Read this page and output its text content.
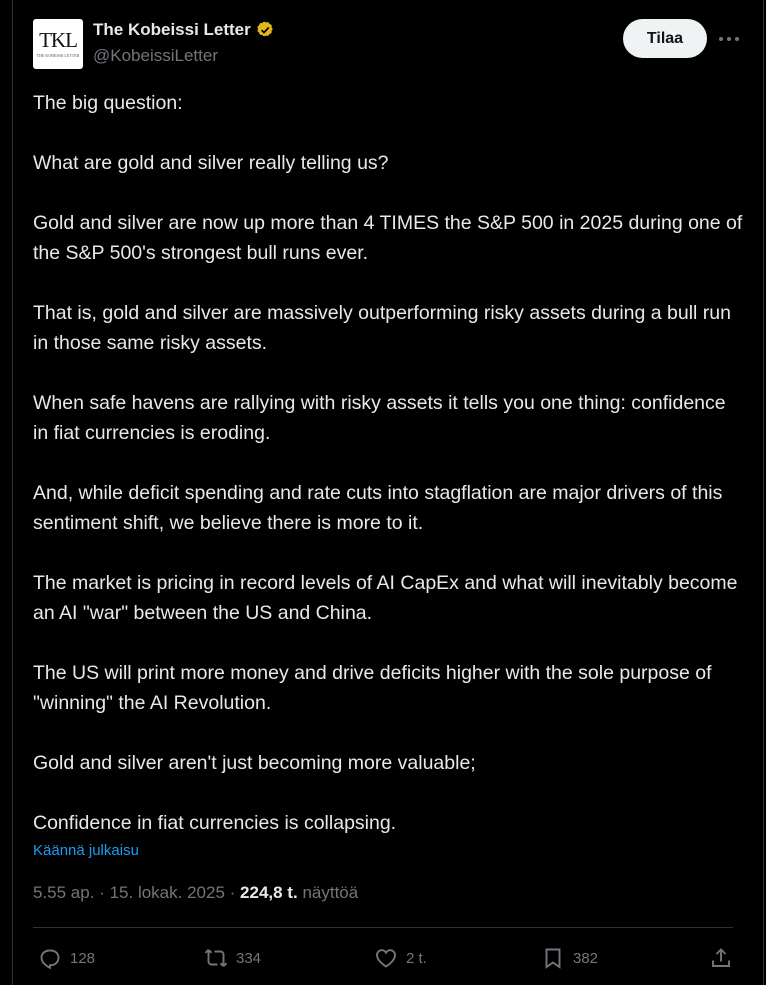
TKL
THE KOBEISSI LETTER
The Kobeissi Letter
@KobeissiLetter
Tilaa

The big question:

What are gold and silver really telling us?

Gold and silver are now up more than 4 TIMES the S&P 500 in 2025 during one of the S&P 500's strongest bull runs ever.

That is, gold and silver are massively outperforming risky assets during a bull run in those same risky assets.

When safe havens are rallying with risky assets it tells you one thing: confidence in fiat currencies is eroding.

And, while deficit spending and rate cuts into stagflation are major drivers of this sentiment shift, we believe there is more to it.

The market is pricing in record levels of AI CapEx and what will inevitably become an AI "war" between the US and China.

The US will print more money and drive deficits higher with the sole purpose of "winning" the AI Revolution.

Gold and silver aren't just becoming more valuable;

Confidence in fiat currencies is collapsing.

Käännä julkaisu
5.55 ap. · 15. lokak. 2025 · 224,8 t. näyttöä
128	334	2 t.	382
